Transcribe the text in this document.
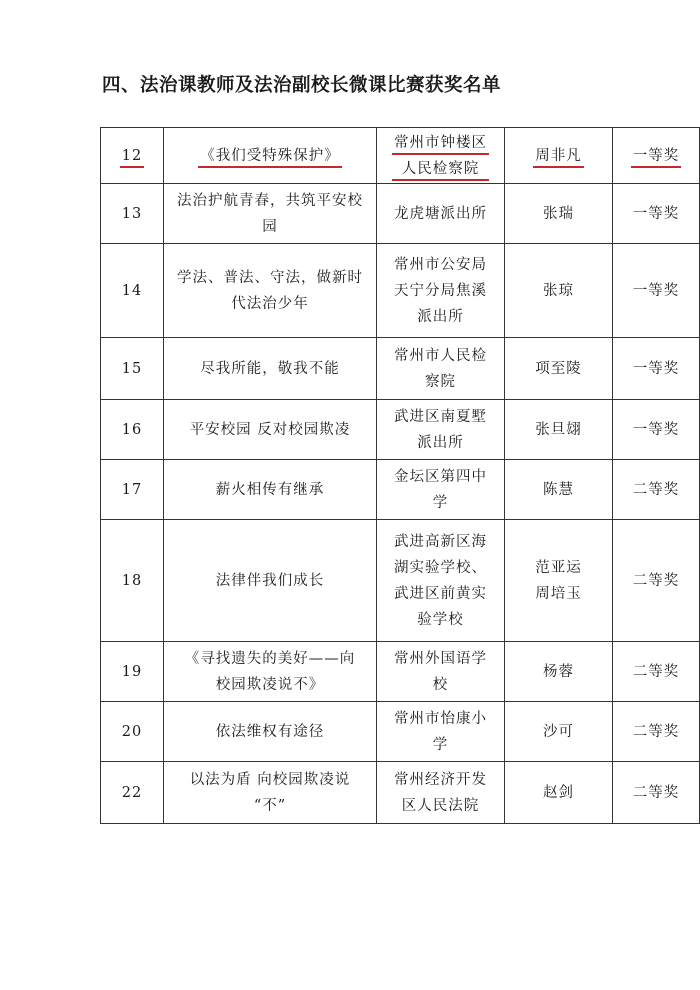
四、法治课教师及法治副校长微课比赛获奖名单
12	《我们受特殊保护》	常州市钟楼区
人民检察院	周非凡	一等奖
13	法治护航青春，共筑平安校
园	龙虎塘派出所	张瑞	一等奖
14	学法、普法、守法，做新时
代法治少年	常州市公安局
天宁分局焦溪
派出所	张琼	一等奖
15	尽我所能，敬我不能	常州市人民检
察院	项至陵	一等奖
16	平安校园 反对校园欺凌	武进区南夏墅
派出所	张旦翃	一等奖
17	薪火相传有继承	金坛区第四中
学	陈慧	二等奖
18	法律伴我们成长	武进高新区海
湖实验学校、
武进区前黄实
验学校	范亚运
周培玉	二等奖
19	《寻找遗失的美好——向
校园欺凌说不》	常州外国语学
校	杨蓉	二等奖
20	依法维权有途径	常州市怡康小
学	沙可	二等奖
22	以法为盾 向校园欺凌说
“不”	常州经济开发
区人民法院	赵剑	二等奖
